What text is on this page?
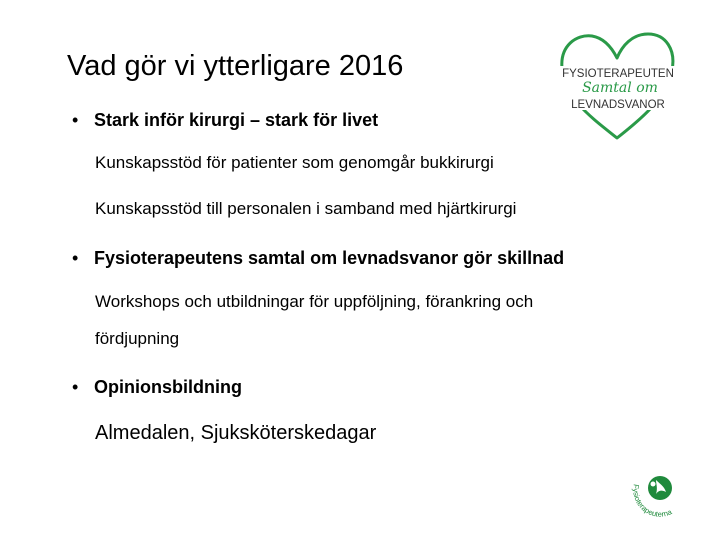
Vad gör vi ytterligare 2016
• Stark inför kirurgi – stark för livet
Kunskapsstöd för patienter som genomgår bukkirurgi
Kunskapsstöd till personalen i samband med hjärtkirurgi
• Fysioterapeutens samtal om levnadsvanor gör skillnad
Workshops och utbildningar för uppföljning, förankring och
fördjupning
• Opinionsbildning
Almedalen, Sjuksköterskedagar
FYSIOTERAPEUTEN
Samtal om
LEVNADSVANOR
Fysioterapeuterna
